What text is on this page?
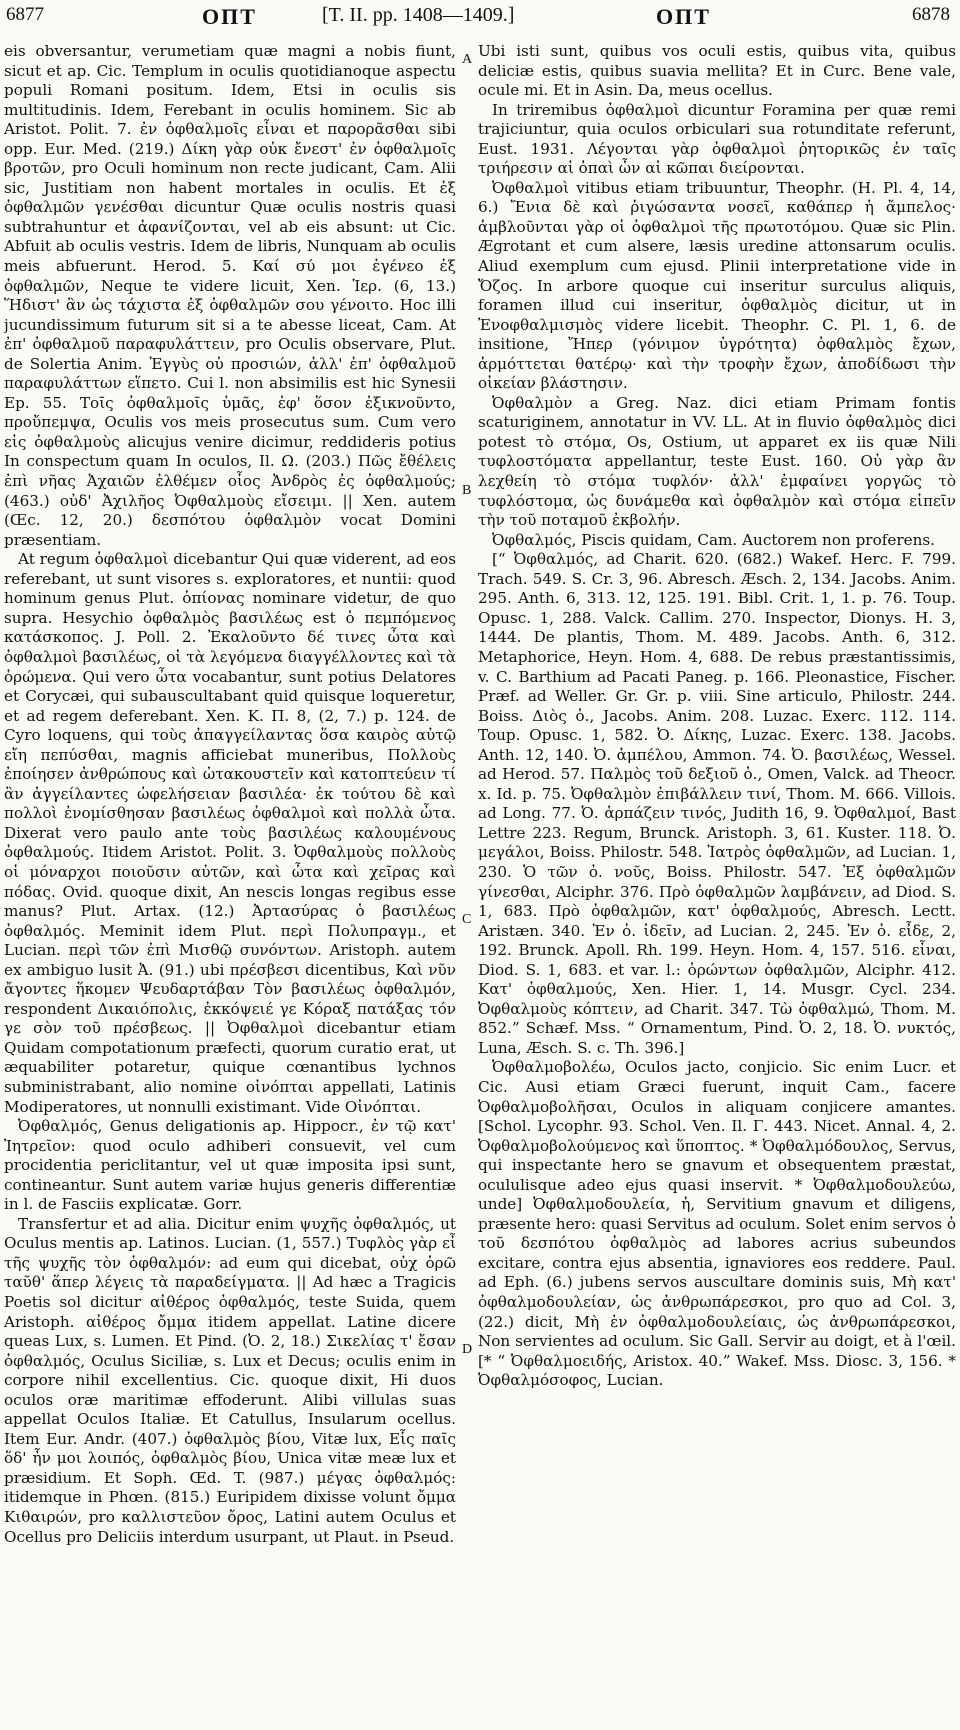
6877	ΟΠΤ	[T. II. pp. 1408—1409.]	ΟΠΤ	6878
A
B
C
D

eis obversantur, verumetiam quæ magni a nobis fiunt, sicut et ap. Cic. Templum in oculis quotidianoque aspectu populi Romani positum. Idem, Etsi in oculis sis multitudinis. Idem, Ferebant in oculis hominem. Sic ab Aristot. Polit. 7. ἐν ὀφθαλμοῖς εἶναι et παρορᾶσθαι sibi opp. Eur. Med. (219.) Δίκη γὰρ οὐκ ἔνεστ' ἐν ὀφθαλμοῖς βροτῶν, pro Oculi hominum non recte judicant, Cam. Alii sic, Justitiam non habent mortales in oculis. Et ἐξ ὀφθαλμῶν γενέσθαι dicuntur Quæ oculis nostris quasi subtrahuntur et ἀφανίζονται, vel ab eis absunt: ut Cic. Abfuit ab oculis vestris. Idem de libris, Nunquam ab oculis meis abfuerunt. Herod. 5. Καί σύ μοι ἐγένεο ἐξ ὀφθαλμῶν, Neque te videre licuit, Xen. Ἱερ. (6, 13.) Ἥδιστ' ἂν ὡς τάχιστα ἐξ ὀφθαλμῶν σου γένοιτο. Hoc illi jucundissimum futurum sit si a te abesse liceat, Cam. At ἐπ' ὀφθαλμοῦ παραφυλάττειν, pro Oculis observare, Plut. de Solertia Anim. Ἐγγὺς οὐ προσιών, ἀλλ' ἐπ' ὀφθαλμοῦ παραφυλάττων εἵπετο. Cui l. non absimilis est hic Synesii Ep. 55. Τοῖς ὀφθαλμοῖς ὑμᾶς, ἐφ' ὅσον ἐξικνοῦντο, προὔπεμψα, Oculis vos meis prosecutus sum. Cum vero εἰς ὀφθαλμοὺς alicujus venire dicimur, reddideris potius In conspectum quam In oculos, Il. Ω. (203.) Πῶς ἔθέλεις ἐπὶ νῆας Ἀχαιῶν ἐλθέμεν οἶος Ἀνδρὸς ἐς ὀφθαλμούς; (463.) οὐδ' Ἀχιλῆος Ὀφθαλμοὺς εἴσειμι. || Xen. autem (Œc. 12, 20.) δεσπότου ὀφθαλμὸν vocat Domini præsentiam.

At regum ὀφθαλμοὶ dicebantur Qui quæ viderent, ad eos referebant, ut sunt visores s. exploratores, et nuntii: quod hominum genus Plut. ὀπίονας nominare videtur, de quo supra. Hesychio ὀφθαλμὸς βασιλέως est ὁ πεμπόμενος κατάσκοπος. J. Poll. 2. Ἐκαλοῦντο δέ τινες ὦτα καὶ ὀφθαλμοὶ βασιλέως, οἱ τὰ λεγόμενα διαγγέλλοντες καὶ τὰ ὁρώμενα. Qui vero ὦτα vocabantur, sunt potius Delatores et Corycæi, qui subauscultabant quid quisque loqueretur, et ad regem deferebant. Xen. K. Π. 8, (2, 7.) p. 124. de Cyro loquens, qui τοὺς ἀπαγγείλαντας ὅσα καιρὸς αὐτῷ εἴη πεπύσθαι, magnis afficiebat muneribus, Πολλοὺς ἐποίησεν ἀνθρώπους καὶ ὠτακουστεῖν καὶ κατοπτεύειν τί ἂν ἀγγείλαντες ὠφελήσειαν βασιλέα· ἐκ τούτου δὲ καὶ πολλοὶ ἐνομίσθησαν βασιλέως ὀφθαλμοὶ καὶ πολλὰ ὦτα. Dixerat vero paulo ante τοὺς βασιλέως καλουμένους ὀφθαλμούς. Itidem Aristot. Polit. 3. Ὀφθαλμοὺς πολλοὺς οἱ μόναρχοι ποιοῦσιν αὐτῶν, καὶ ὦτα καὶ χεῖρας καὶ πόδας. Ovid. quoque dixit, An nescis longas regibus esse manus? Plut. Artax. (12.) Ἀρτασύρας ὁ βασιλέως ὀφθαλμός. Meminit idem Plut. περὶ Πολυπραγμ., et Lucian. περὶ τῶν ἐπὶ Μισθῷ συνόντων. Aristoph. autem ex ambiguo lusit Ἀ. (91.) ubi πρέσβεσι dicentibus, Καὶ νῦν ἄγοντες ἥκομεν Ψευδαρτάβαν Τὸν βασιλέως ὀφθαλμόν, respondent Δικαιόπολις, ἐκκόψειέ γε Κόραξ πατάξας τόν γε σὸν τοῦ πρέσβεως. || Ὀφθαλμοὶ dicebantur etiam Quidam compotationum præfecti, quorum curatio erat, ut æquabiliter potaretur, quique cœnantibus lychnos subministrabant, alio nomine οἰνόπται appellati, Latinis Modiperatores, ut nonnulli existimant. Vide Οἰνόπται.

Ὀφθαλμός, Genus deligationis ap. Hippocr., ἐν τῷ κατ' Ἰητρεῖον: quod oculo adhiberi consuevit, vel cum procidentia periclitantur, vel ut quæ imposita ipsi sunt, contineantur. Sunt autem variæ hujus generis differentiæ in l. de Fasciis explicatæ. Gorr.

Transfertur et ad alia. Dicitur enim ψυχῆς ὀφθαλμός, ut Oculus mentis ap. Latinos. Lucian. (1, 557.) Τυφλὸς γὰρ εἶ τῆς ψυχῆς τὸν ὀφθαλμόν: ad eum qui dicebat, οὐχ ὁρῶ ταῦθ' ἅπερ λέγεις τὰ παραδείγματα. || Ad hæc a Tragicis Poetis sol dicitur αἰθέρος ὀφθαλμός, teste Suida, quem Aristoph. αἰθέρος ὄμμα itidem appellat. Latine dicere queas Lux, s. Lumen. Et Pind. (Ὀ. 2, 18.) Σικελίας τ' ἔσαν ὀφθαλμός, Oculus Siciliæ, s. Lux et Decus; oculis enim in corpore nihil excellentius. Cic. quoque dixit, Hi duos oculos oræ maritimæ effoderunt. Alibi villulas suas appellat Oculos Italiæ. Et Catullus, Insularum ocellus. Item Eur. Andr. (407.) ὀφθαλμὸς βίου, Vitæ lux, Εἷς παῖς ὅδ' ἦν μοι λοιπός, ὀφθαλμὸς βίου, Unica vitæ meæ lux et præsidium. Et Soph. Œd. T. (987.) μέγας ὀφθαλμός: itidemque in Phœn. (815.) Euripidem dixisse volunt ὄμμα Κιθαιρών, pro καλλιστεῦον ὄρος, Latini autem Oculus et Ocellus pro Deliciis interdum usurpant, ut Plaut. in Pseud.

Ubi isti sunt, quibus vos oculi estis, quibus vita, quibus deliciæ estis, quibus suavia mellita? Et in Curc. Bene vale, ocule mi. Et in Asin. Da, meus ocellus.

In triremibus ὀφθαλμοὶ dicuntur Foramina per quæ remi trajiciuntur, quia oculos orbiculari sua rotunditate referunt, Eust. 1931. Λέγονται γὰρ ὀφθαλμοὶ ῥητορικῶς ἐν ταῖς τριήρεσιν αἱ ὀπαὶ ὧν αἱ κῶπαι διείρονται.

Ὀφθαλμοὶ vitibus etiam tribuuntur, Theophr. (H. Pl. 4, 14, 6.) Ἔνια δὲ καὶ ῥιγώσαντα νοσεῖ, καθάπερ ἡ ἄμπελος· ἀμβλοῦνται γὰρ οἱ ὀφθαλμοὶ τῆς πρωτοτόμου. Quæ sic Plin. Ægrotant et cum alsere, læsis uredine attonsarum oculis. Aliud exemplum cum ejusd. Plinii interpretatione vide in Ὄζος. In arbore quoque cui inseritur surculus aliquis, foramen illud cui inseritur, ὀφθαλμὸς dicitur, ut in Ἐνοφθαλμισμὸς videre licebit. Theophr. C. Pl. 1, 6. de insitione, Ἤπερ (γόνιμον ὑγρότητα) ὀφθαλμὸς ἔχων, ἁρμόττεται θατέρῳ· καὶ τὴν τροφὴν ἔχων, ἀποδίδωσι τὴν οἰκείαν βλάστησιν.

Ὀφθαλμὸν a Greg. Naz. dici etiam Primam fontis scaturiginem, annotatur in VV. LL. At in fluvio ὀφθαλμὸς dici potest τὸ στόμα, Os, Ostium, ut apparet ex iis quæ Nili τυφλοστόματα appellantur, teste Eust. 160. Οὐ γὰρ ἂν λεχθείη τὸ στόμα τυφλόν· ἀλλ' ἐμφαίνει γοργῶς τὸ τυφλόστομα, ὡς δυνάμεθα καὶ ὀφθαλμὸν καὶ στόμα εἰπεῖν τὴν τοῦ ποταμοῦ ἐκβολήν.

Ὀφθαλμός, Piscis quidam, Cam. Auctorem non proferens.

[“ Ὀφθαλμός, ad Charit. 620. (682.) Wakef. Herc. F. 799. Trach. 549. S. Cr. 3, 96. Abresch. Æsch. 2, 134. Jacobs. Anim. 295. Anth. 6, 313. 12, 125. 191. Bibl. Crit. 1, 1. p. 76. Toup. Opusc. 1, 288. Valck. Callim. 270. Inspector, Dionys. H. 3, 1444. De plantis, Thom. M. 489. Jacobs. Anth. 6, 312. Metaphorice, Heyn. Hom. 4, 688. De rebus præstantissimis, v. C. Barthium ad Pacati Paneg. p. 166. Pleonastice, Fischer. Præf. ad Weller. Gr. Gr. p. viii. Sine articulo, Philostr. 244. Boiss. Διὸς ὁ., Jacobs. Anim. 208. Luzac. Exerc. 112. 114. Toup. Opusc. 1, 582. Ὀ. Δίκης, Luzac. Exerc. 138. Jacobs. Anth. 12, 140. Ὀ. ἀμπέλου, Ammon. 74. Ὀ. βασιλέως, Wessel. ad Herod. 57. Παλμὸς τοῦ δεξιοῦ ὀ., Omen, Valck. ad Theocr. x. Id. p. 75. Ὀφθαλμὸν ἐπιβάλλειν τινί, Thom. M. 666. Villois. ad Long. 77. Ὀ. ἁρπάζειν τινός, Judith 16, 9. Ὀφθαλμοί, Bast Lettre 223. Regum, Brunck. Aristoph. 3, 61. Kuster. 118. Ὀ. μεγάλοι, Boiss. Philostr. 548. Ἰατρὸς ὀφθαλμῶν, ad Lucian. 1, 230. Ὁ τῶν ὀ. νοῦς, Boiss. Philostr. 547. Ἐξ ὀφθαλμῶν γίνεσθαι, Alciphr. 376. Πρὸ ὀφθαλμῶν λαμβάνειν, ad Diod. S. 1, 683. Πρὸ ὀφθαλμῶν, κατ' ὀφθαλμούς, Abresch. Lectt. Aristæn. 340. Ἐν ὀ. ἰδεῖν, ad Lucian. 2, 245. Ἐν ὀ. εἶδε, 2, 192. Brunck. Apoll. Rh. 199. Heyn. Hom. 4, 157. 516. εἶναι, Diod. S. 1, 683. et var. l.: ὁρώντων ὀφθαλμῶν, Alciphr. 412. Κατ' ὀφθαλμούς, Xen. Hier. 1, 14. Musgr. Cycl. 234. Ὀφθαλμοὺς κόπτειν, ad Charit. 347. Τὼ ὀφθαλμώ, Thom. M. 852.” Schæf. Mss. “ Ornamentum, Pind. Ὀ. 2, 18. Ὀ. νυκτός, Luna, Æsch. S. c. Th. 396.]

Ὀφθαλμοβολέω, Oculos jacto, conjicio. Sic enim Lucr. et Cic. Ausi etiam Græci fuerunt, inquit Cam., facere Ὀφθαλμοβολῆσαι, Oculos in aliquam conjicere amantes. [Schol. Lycophr. 93. Schol. Ven. Il. Γ. 443. Nicet. Annal. 4, 2. Ὀφθαλμοβολούμενος καὶ ὕποπτος. * Ὀφθαλμόδουλος, Servus, qui inspectante hero se gnavum et obsequentem præstat, ocululisque adeo ejus quasi inservit. * Ὀφθαλμοδουλεύω, unde] Ὀφθαλμοδουλεία, ἡ, Servitium gnavum et diligens, præsente hero: quasi Servitus ad oculum. Solet enim servos ὁ τοῦ δεσπότου ὀφθαλμὸς ad labores acrius subeundos excitare, contra ejus absentia, ignaviores eos reddere. Paul. ad Eph. (6.) jubens servos auscultare dominis suis, Μὴ κατ' ὀφθαλμοδουλείαν, ὡς ἀνθρωπάρεσκοι, pro quo ad Col. 3, (22.) dicit, Μὴ ἐν ὀφθαλμοδουλείαις, ὡς ἀνθρωπάρεσκοι, Non servientes ad oculum. Sic Gall. Servir au doigt, et à l'œil. [* “ Ὀφθαλμοειδής, Aristox. 40.” Wakef. Mss. Diosc. 3, 156. * Ὀφθαλμόσοφος, Lucian.
